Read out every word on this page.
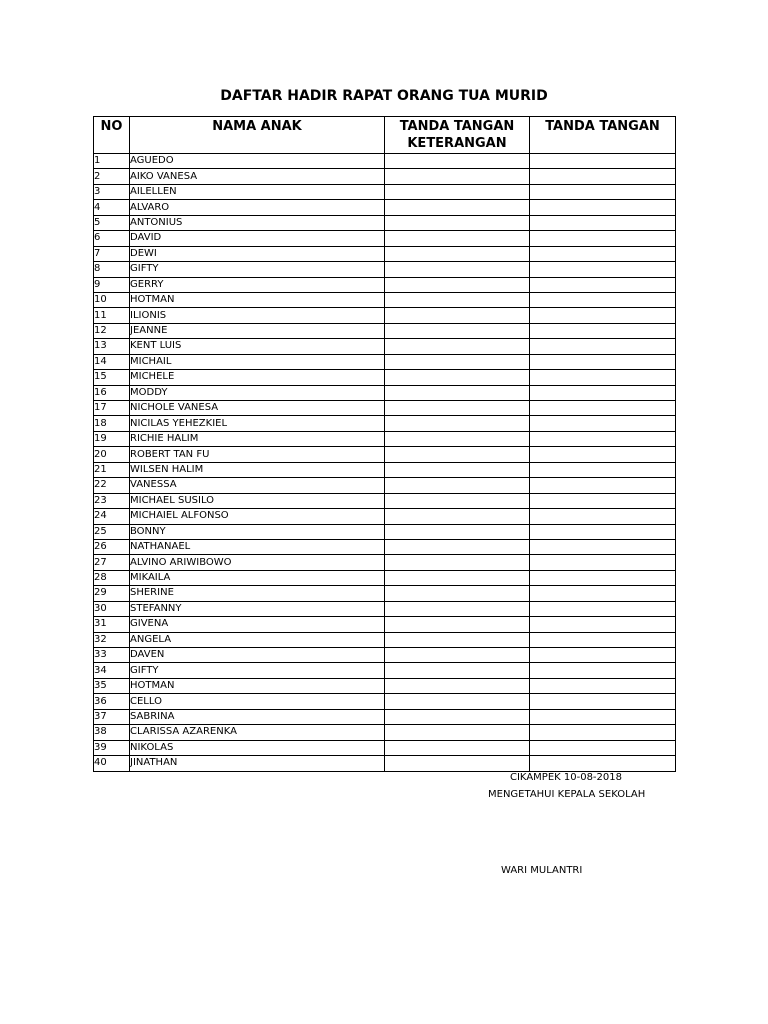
DAFTAR HADIR RAPAT ORANG TUA MURID
NO	NAMA ANAK	TANDA TANGAN KETERANGAN	TANDA TANGAN
1	AGUEDO		
2	AIKO VANESA		
3	AILELLEN		
4	ALVARO		
5	ANTONIUS		
6	DAVID		
7	DEWI		
8	GIFTY		
9	GERRY		
10	HOTMAN		
11	ILIONIS		
12	JEANNE		
13	KENT LUIS		
14	MICHAIL		
15	MICHELE		
16	MODDY		
17	NICHOLE VANESA		
18	NICILAS YEHEZKIEL		
19	RICHIE HALIM		
20	ROBERT TAN FU		
21	WILSEN HALIM		
22	VANESSA		
23	MICHAEL SUSILO		
24	MICHAIEL ALFONSO		
25	BONNY		
26	NATHANAEL		
27	ALVINO ARIWIBOWO		
28	MIKAILA		
29	SHERINE		
30	STEFANNY		
31	GIVENA		
32	ANGELA		
33	DAVEN		
34	GIFTY		
35	HOTMAN		
36	CELLO		
37	SABRINA		
38	CLARISSA AZARENKA		
39	NIKOLAS		
40	JINATHAN		
CIKAMPEK 10-08-2018
MENGETAHUI KEPALA SEKOLAH
WARI MULANTRI
